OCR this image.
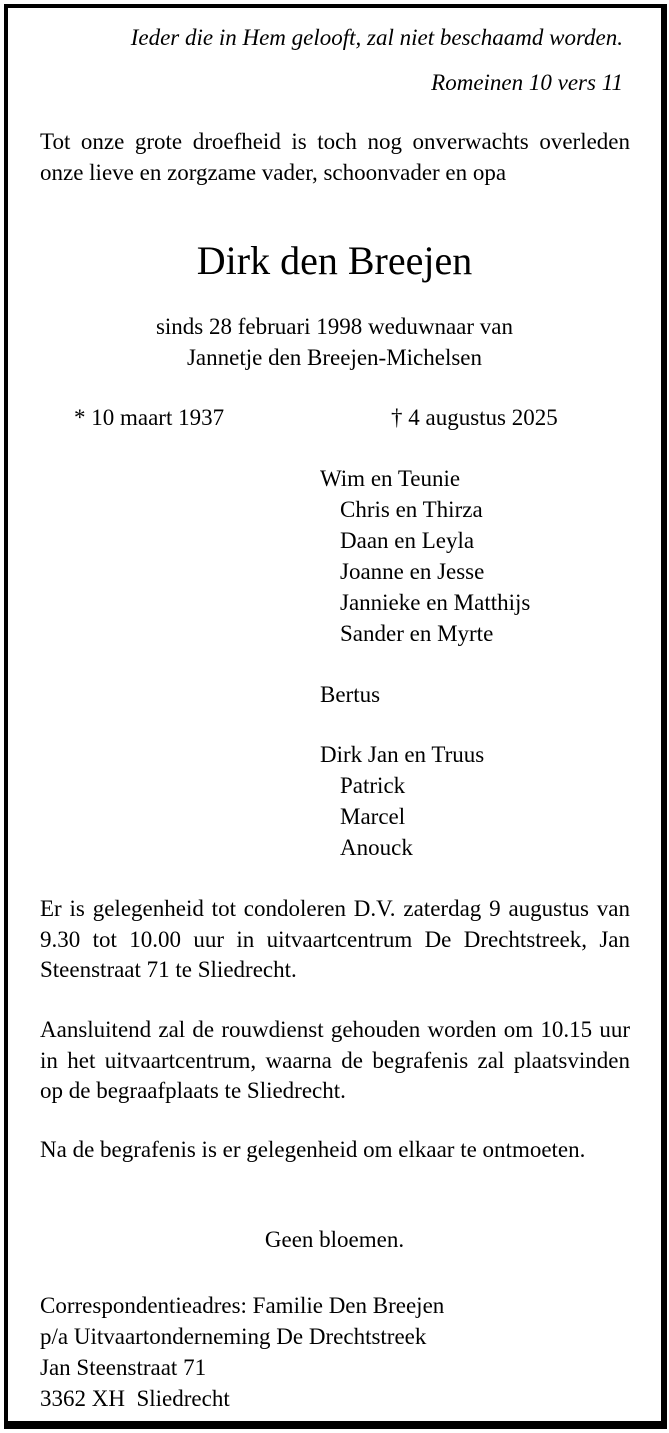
Ieder die in Hem gelooft, zal niet beschaamd worden.

Romeinen 10 vers 11

Tot onze grote droefheid is toch nog onverwachts overleden onze lieve en zorgzame vader, schoonvader en opa

Dirk den Breejen

sinds 28 februari 1998 weduwnaar van

Jannetje den Breejen-Michelsen

* 10 maart 1937	† 4 augustus 2025

Wim en Teunie
Chris en Thirza
Daan en Leyla
Joanne en Jesse
Jannieke en Matthijs
Sander en Myrte
Bertus
Dirk Jan en Truus
Patrick
Marcel
Anouck

Er is gelegenheid tot condoleren D.V. zaterdag 9 augustus van 9.30 tot 10.00 uur in uitvaartcentrum De Drechtstreek, Jan Steenstraat 71 te Sliedrecht.

Aansluitend zal de rouwdienst gehouden worden om 10.15 uur in het uitvaartcentrum, waarna de begrafenis zal plaatsvinden op de begraafplaats te Sliedrecht.

Na de begrafenis is er gelegenheid om elkaar te ontmoeten.

Geen bloemen.

Correspondentieadres: Familie Den Breejen
p/a Uitvaartonderneming De Drechtstreek
Jan Steenstraat 71
3362 XH  Sliedrecht
